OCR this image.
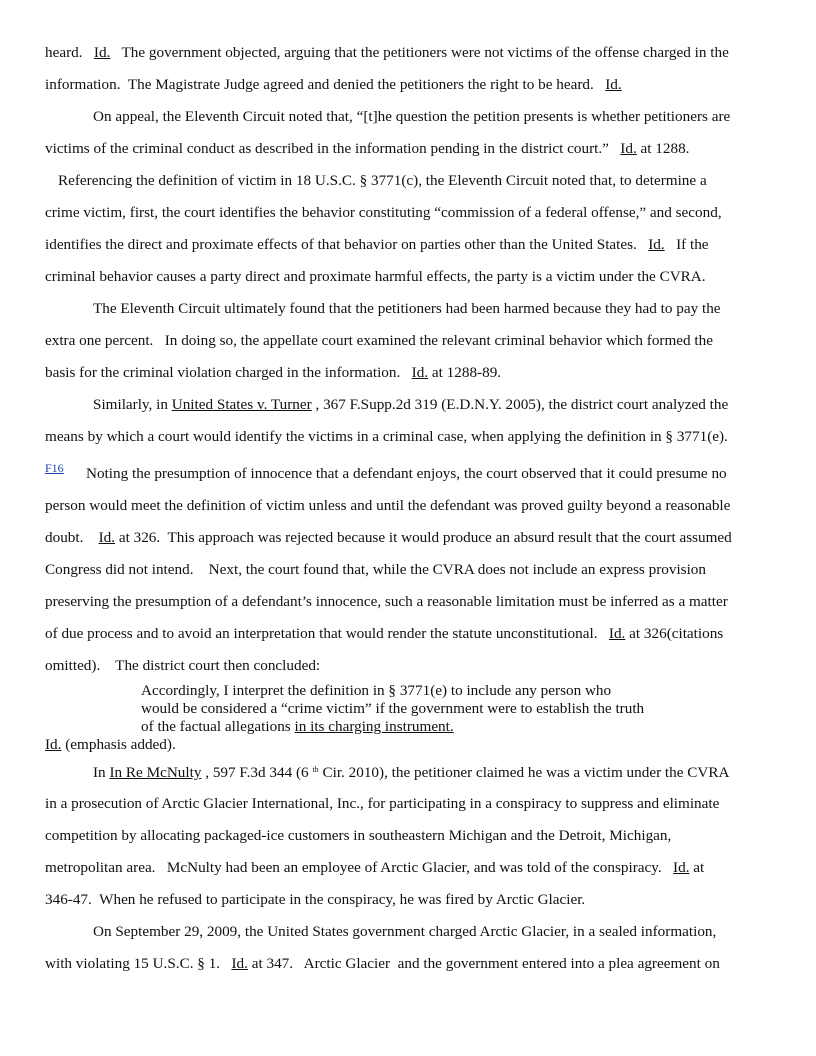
heard.   Id.   The government objected, arguing that the petitioners were not victims of the offense charged in the
information.  The Magistrate Judge agreed and denied the petitioners the right to be heard.   Id.
On appeal, the Eleventh Circuit noted that, “[t]he question the petition presents is whether petitioners are
victims of the criminal conduct as described in the information pending in the district court.”   Id. at 1288.
Referencing the definition of victim in 18 U.S.C. § 3771(c), the Eleventh Circuit noted that, to determine a
crime victim, first, the court identifies the behavior constituting “commission of a federal offense,” and second,
identifies the direct and proximate effects of that behavior on parties other than the United States.   Id.   If the
criminal behavior causes a party direct and proximate harmful effects, the party is a victim under the CVRA.
The Eleventh Circuit ultimately found that the petitioners had been harmed because they had to pay the
extra one percent.   In doing so, the appellate court examined the relevant criminal behavior which formed the
basis for the criminal violation charged in the information.   Id. at 1288-89.
Similarly, in United States v. Turner , 367 F.Supp.2d 319 (E.D.N.Y. 2005), the district court analyzed the
means by which a court would identify the victims in a criminal case, when applying the definition in § 3771(e).
F16 Noting the presumption of innocence that a defendant enjoys, the court observed that it could presume no
person would meet the definition of victim unless and until the defendant was proved guilty beyond a reasonable
doubt.    Id. at 326.  This approach was rejected because it would produce an absurd result that the court assumed
Congress did not intend.    Next, the court found that, while the CVRA does not include an express provision
preserving the presumption of a defendant’s innocence, such a reasonable limitation must be inferred as a matter
of due process and to avoid an interpretation that would render the statute unconstitutional.   Id. at 326(citations
omitted).    The district court then concluded:
Accordingly, I interpret the definition in § 3771(e) to include any person who
would be considered a “crime victim” if the government were to establish the truth
of the factual allegations in its charging instrument.
Id. (emphasis added).
In In Re McNulty , 597 F.3d 344 (6 $^{th}$ Cir. 2010), the petitioner claimed he was a victim under the CVRA
in a prosecution of Arctic Glacier International, Inc., for participating in a conspiracy to suppress and eliminate
competition by allocating packaged-ice customers in southeastern Michigan and the Detroit, Michigan,
metropolitan area.   McNulty had been an employee of Arctic Glacier, and was told of the conspiracy.   Id. at
346-47.  When he refused to participate in the conspiracy, he was fired by Arctic Glacier.
On September 29, 2009, the United States government charged Arctic Glacier, in a sealed information,
with violating 15 U.S.C. § 1.   Id. at 347.   Arctic Glacier  and the government entered into a plea agreement on
